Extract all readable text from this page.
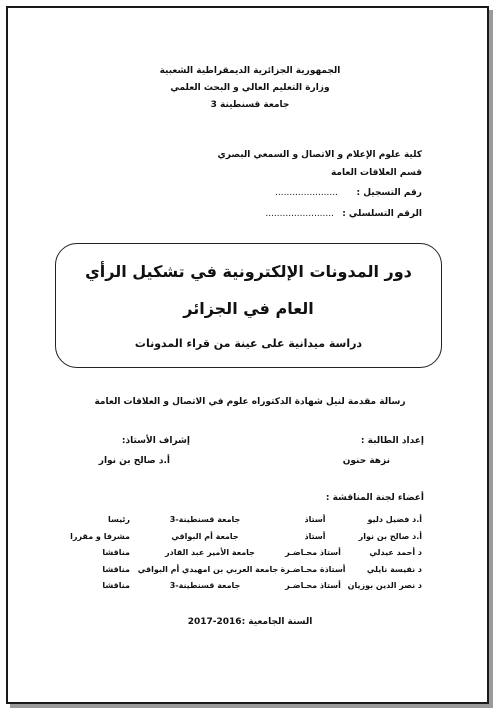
الجمهورية الجزائرية الديمقراطية الشعبية
وزارة التعليم العالي و البحث العلمي
جامعة قسنطينة 3
كلية علوم الإعلام و الاتصال و السمعي البصري
قسم العلاقات العامة
رقم التسجيل :
......................
الرقم التسلسلي :
........................
دور المدونات الإلكترونية في تشكيل الرأي
العام في الجزائر
دراسة ميدانية على عينة من قراء المدونات
رسالة مقدمة لنيل شهادة الدكتوراه علوم في الاتصال و العلاقات العامة
إعداد الطالبة :
إشراف الأستاذ:
نزهة حنون
أ.د صالح بن نوار
أعضاء لجنة المناقشة :
أ.د فضيل دليو
أستاذ
جامعة قسنطينة-3
رئيسا
أ.د صالح بن نوار
أستاذ
جامعة أم البواقي
مشرفا و مقررا
د أحمد عيدلي
أستاذ محـاضـر
جامعة الأمير عبد القادر
مناقشا
د نفيسة نايلي
أستاذة محـاضـرة
جامعة العربي بن امهيدي أم البواقي
مناقشا
د نصر الدين بوزيان
أستاذ محـاضـر
جامعة قسنطينة-3
مناقشا
السنة الجامعية :2016-2017
